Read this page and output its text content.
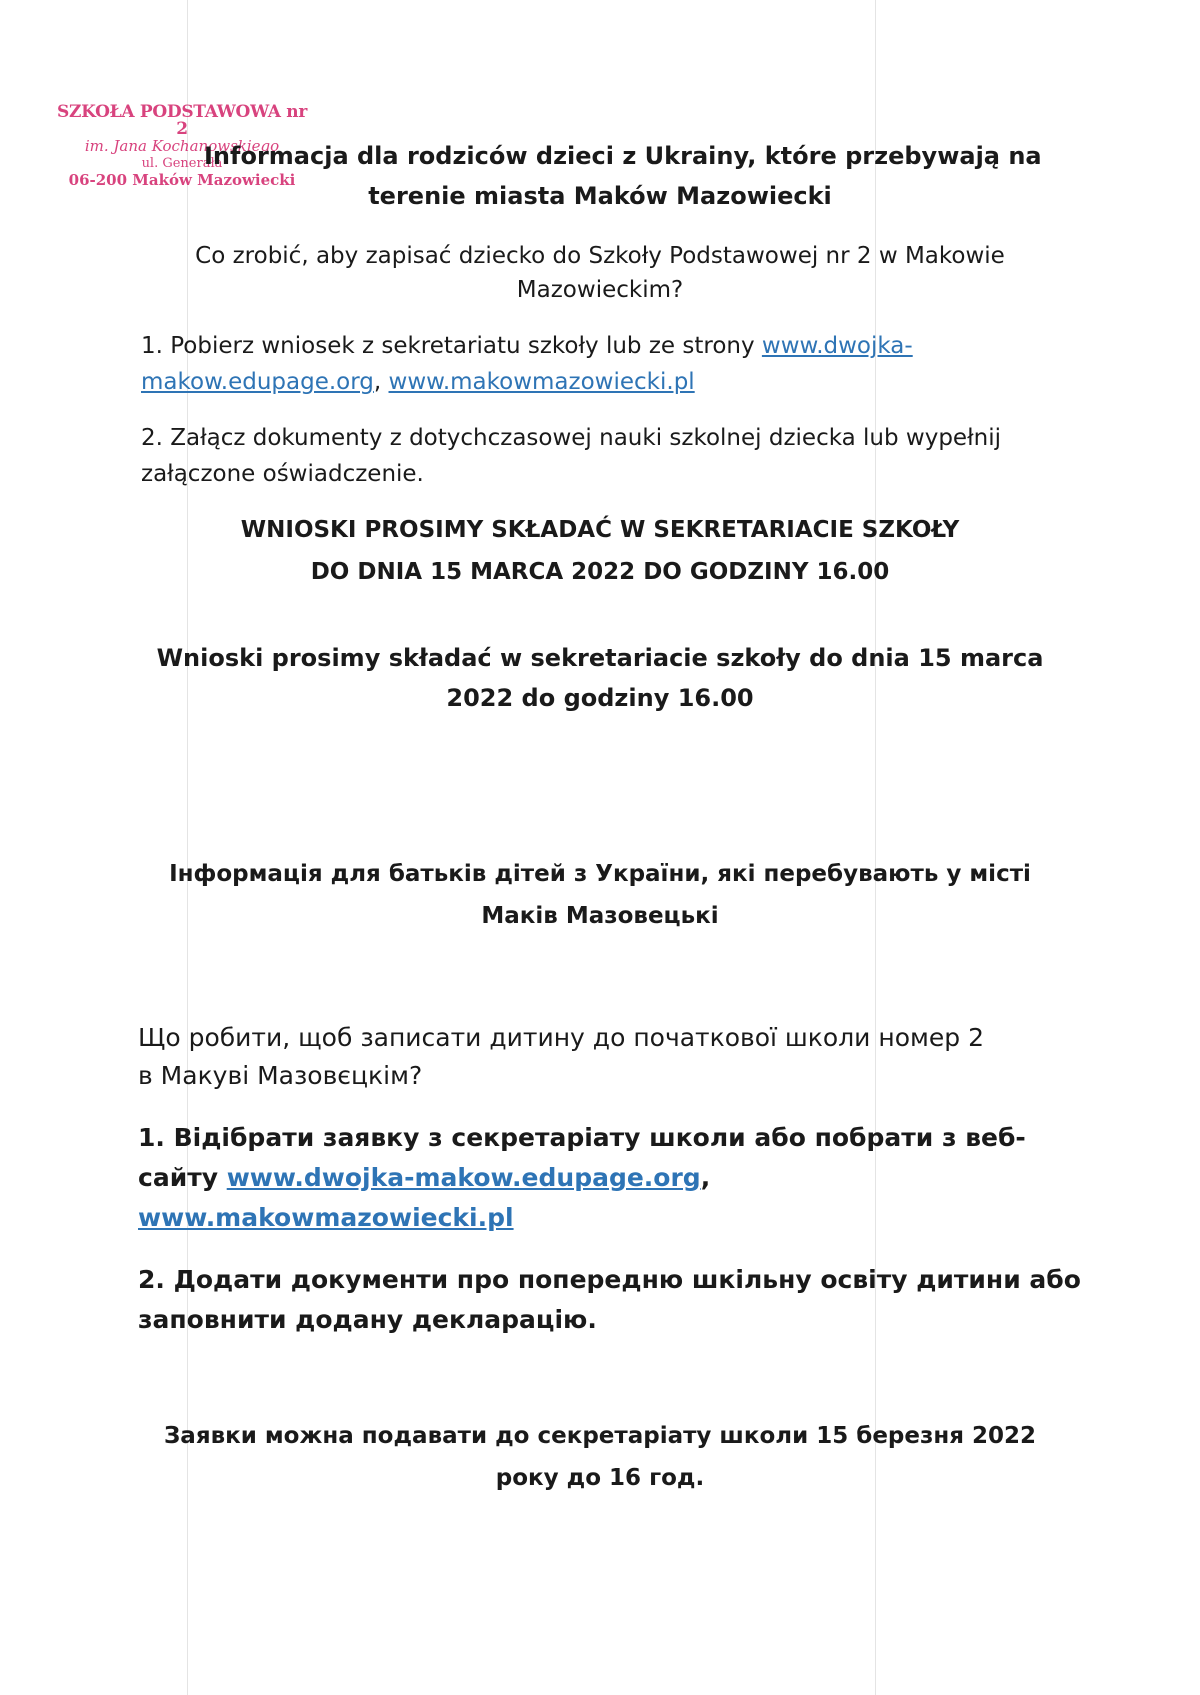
SZKOŁA PODSTAWOWA nr 2
im. Jana Kochanowskiego
ul. Generała
06-200 Maków Mazowiecki
Informacja dla rodziców dzieci z Ukrainy, które przebywają na
terenie miasta Maków Mazowiecki
Co zrobić, aby zapisać dziecko do Szkoły Podstawowej nr 2 w Makowie
Mazowieckim?
1. Pobierz wniosek z sekretariatu szkoły lub ze strony www.dwojka-
makow.edupage.org, www.makowmazowiecki.pl
2. Załącz dokumenty z dotychczasowej nauki szkolnej dziecka lub wypełnij
załączone oświadczenie.
WNIOSKI PROSIMY SKŁADAĆ W SEKRETARIACIE SZKOŁY
DO DNIA 15 MARCA 2022 DO GODZINY 16.00
Wnioski prosimy składać w sekretariacie szkoły do dnia 15 marca
2022 do godziny 16.00
Інформація для батьків дітей з України, які перебувають у місті
Маків Мазовецькі
Що робити, щоб записати дитину до початкової школи номер 2
в Макуві Мазовєцкім?
1. Відібрати заявку з секретаріату школи або побрати з веб-
сайту www.dwojka-makow.edupage.org,
www.makowmazowiecki.pl
2. Додати документи про попередню шкільну освіту дитини або
заповнити додану декларацію.
Заявки можна подавати до секретаріату школи 15 березня 2022
року до 16 год.
